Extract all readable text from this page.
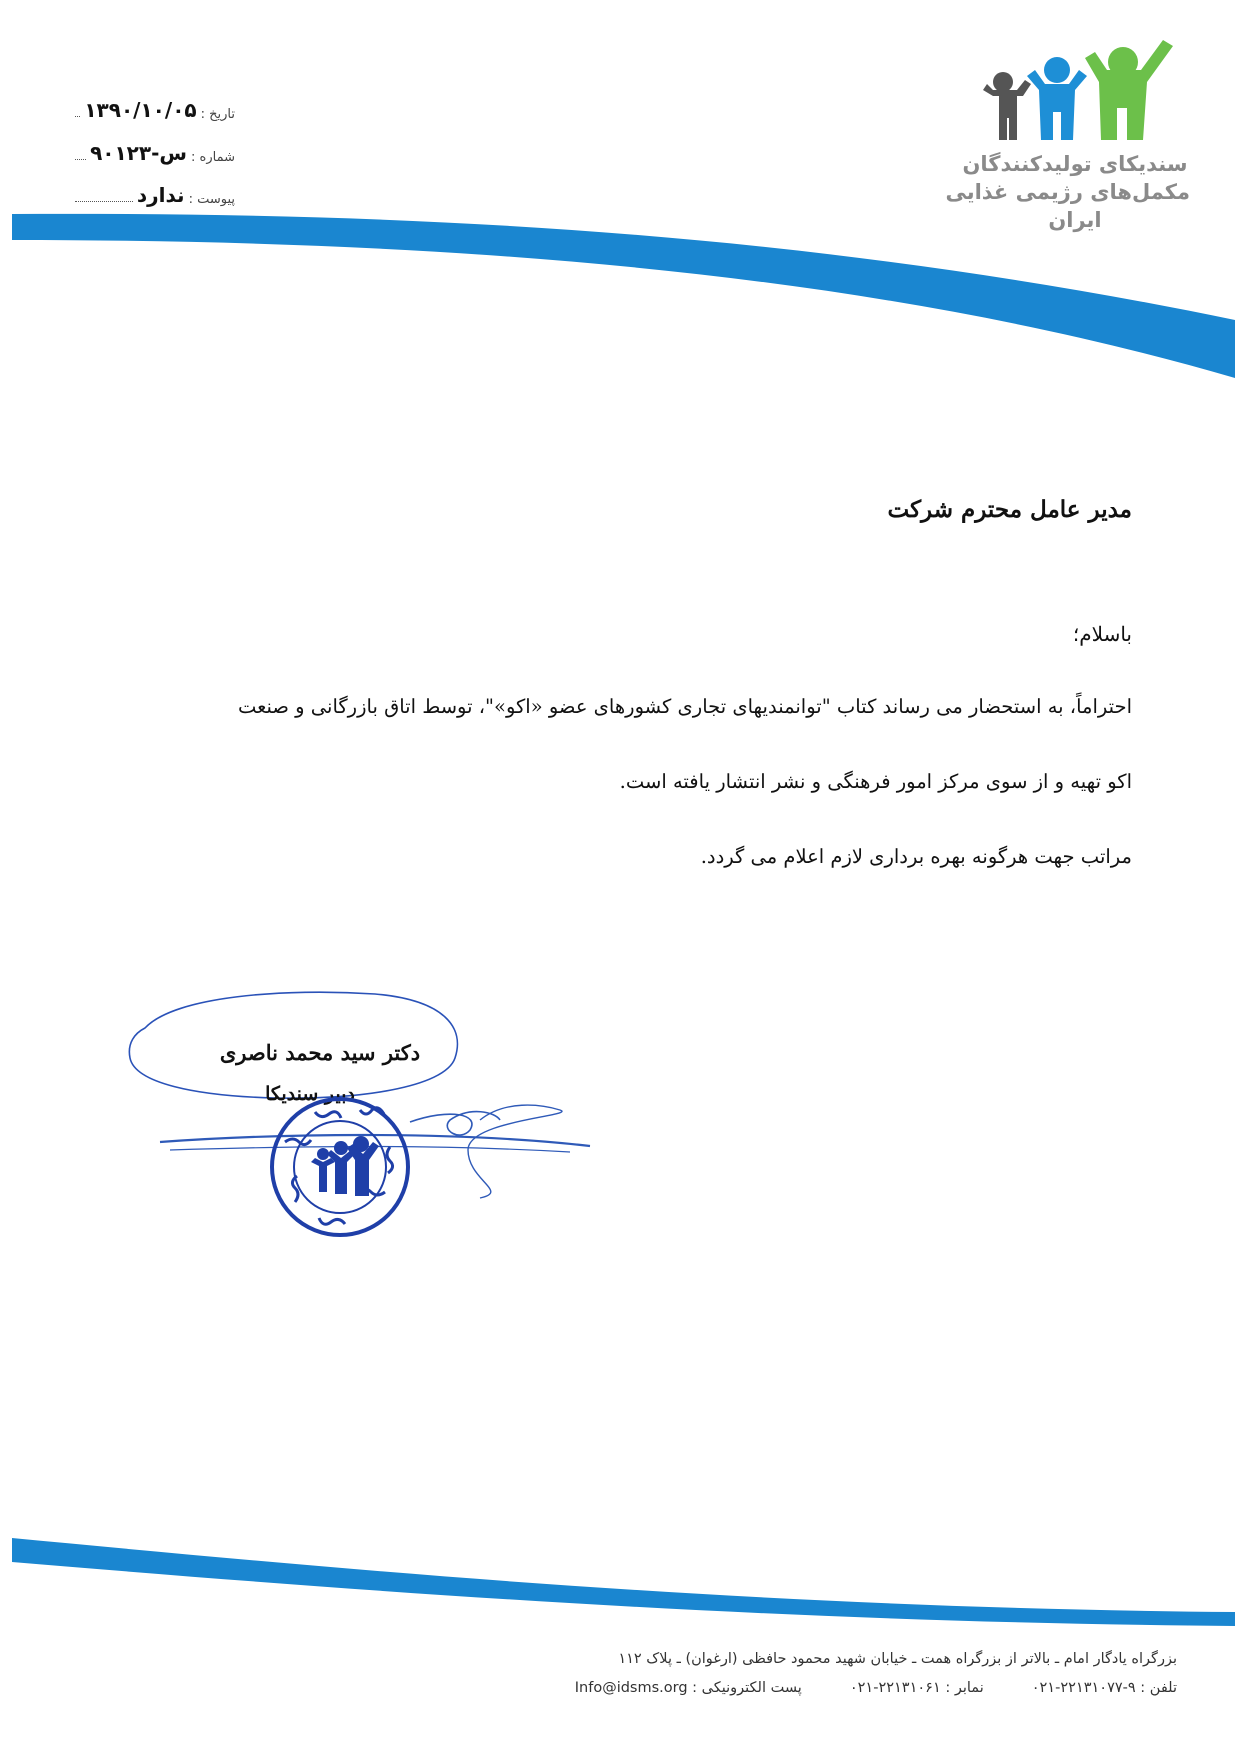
تاریخ :
۱۳۹۰/۱۰/۰۵
شماره :
س-۹۰۱۲۳
پیوست :
ندارد
سندیکای تولیدکنندگان
مکمل‌های رژیمی غذایی
ایران
مدیر عامل محترم شرکت
باسلام؛
احتراماً، به استحضار می رساند کتاب "توانمندیهای تجاری کشورهای عضو «اکو»"، توسط اتاق بازرگانی و صنعت
اکو تهیه و از سوی مرکز امور فرهنگی و نشر انتشار یافته است.
مراتب جهت هرگونه بهره برداری لازم اعلام می گردد.
دکتر سید محمد ناصری
دبیر سندیکا
بزرگراه یادگار امام ـ بالاتر از بزرگراه همت ـ خیابان شهید محمود حافظی (ارغوان) ـ پلاک ۱۱۲
تلفن : ۹-۲۲۱۳۱۰۷۷-۰۲۱
نمابر : ۲۲۱۳۱۰۶۱-۰۲۱
پست الکترونیکی : Info@idsms.org
